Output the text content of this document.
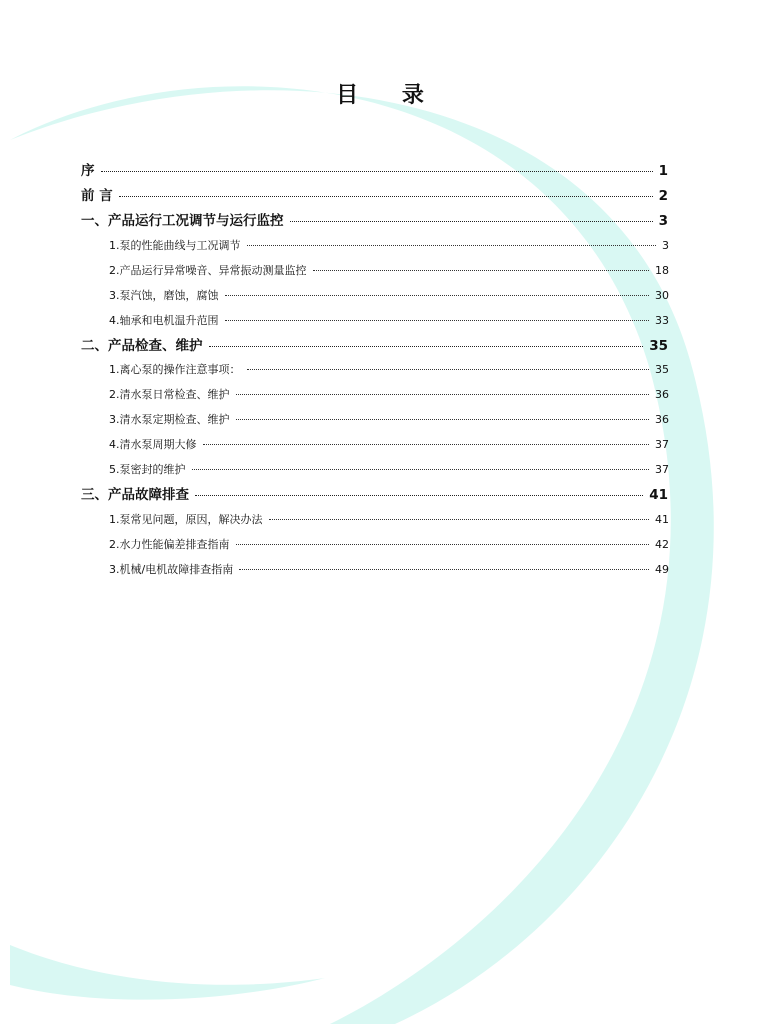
目 录
序	1
前 言	2
一、产品运行工况调节与运行监控	3
1.泵的性能曲线与工况调节	3
2.产品运行异常噪音、异常振动测量监控	18
3.泵汽蚀，磨蚀，腐蚀	30
4.轴承和电机温升范围	33
二、产品检查、维护	35
1.离心泵的操作注意事项：	35
2.清水泵日常检查、维护	36
3.清水泵定期检查、维护	36
4.清水泵周期大修	37
5.泵密封的维护	37
三、产品故障排查	41
1.泵常见问题，原因，解决办法	41
2.水力性能偏差排查指南	42
3.机械/电机故障排查指南	49
